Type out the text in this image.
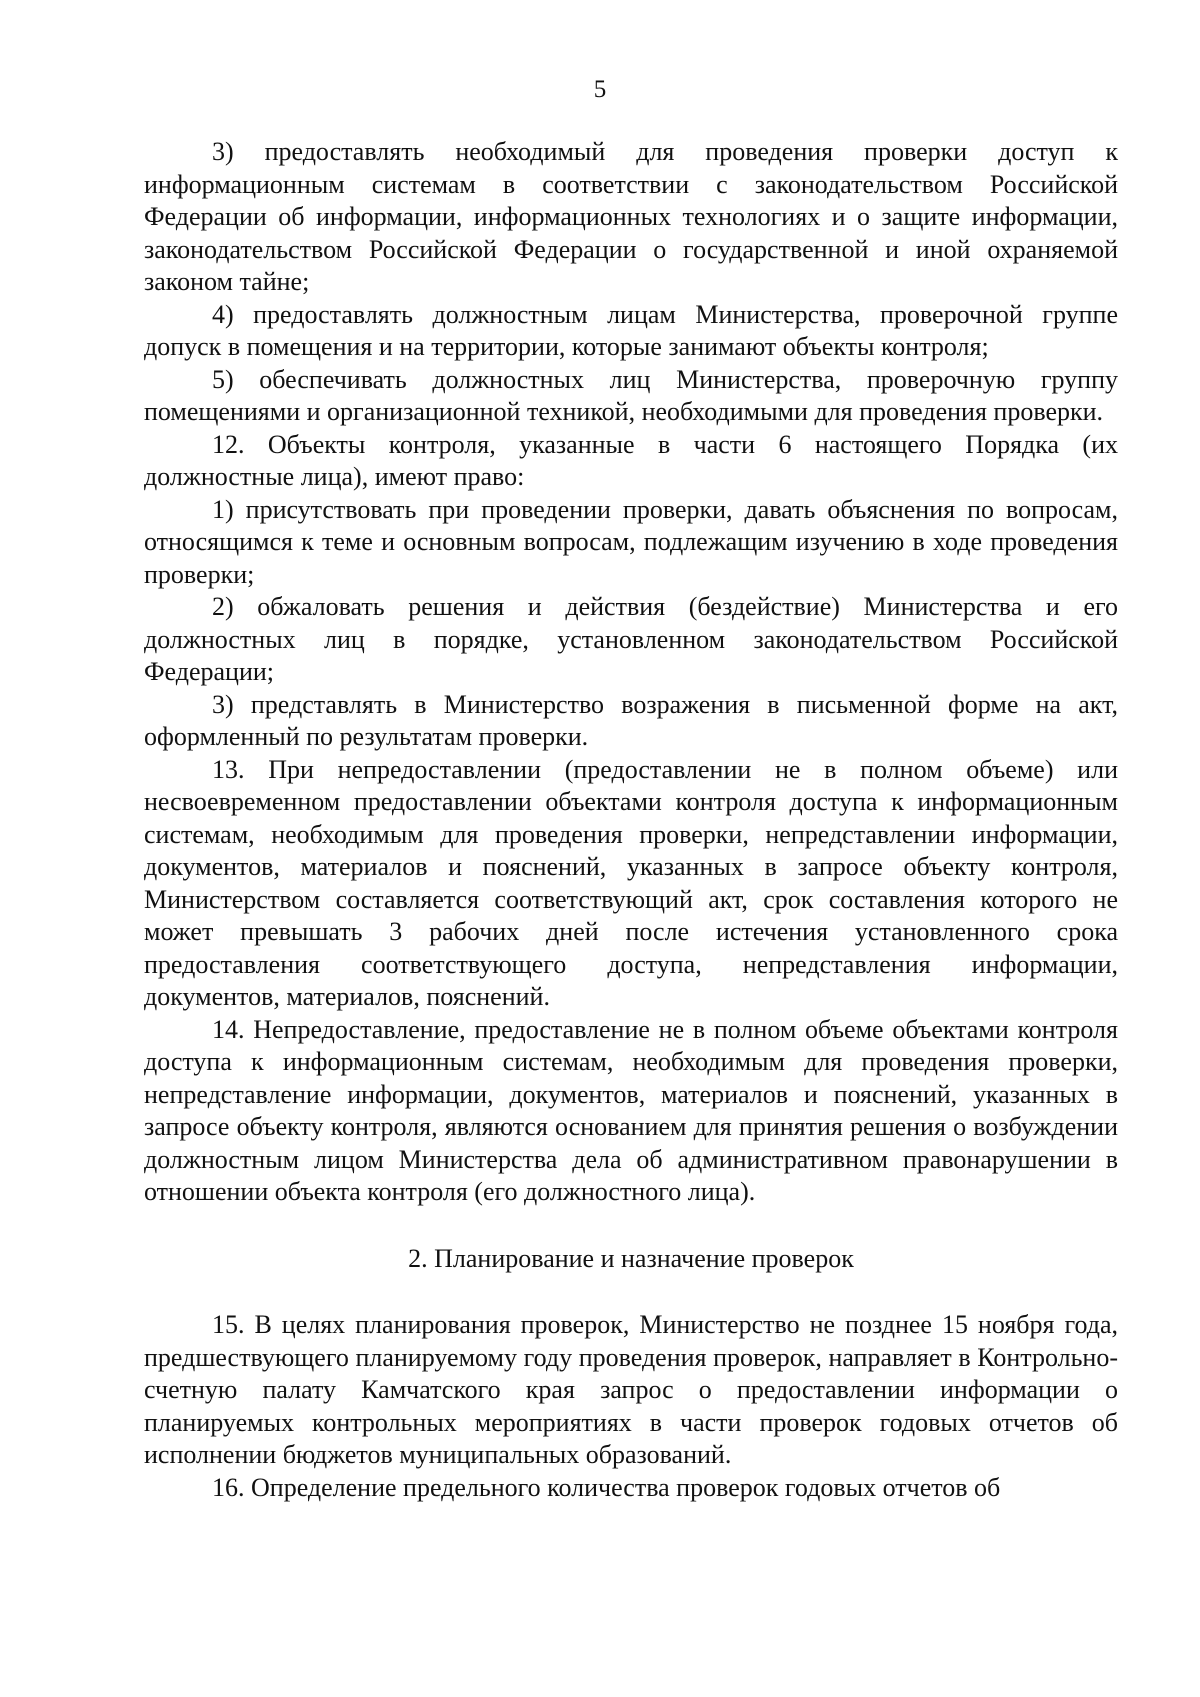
5

3) предоставлять необходимый для проведения проверки доступ к информационным системам в соответствии с законодательством Российской Федерации об информации, информационных технологиях и о защите информации, законодательством Российской Федерации о государственной и иной охраняемой законом тайне;

4) предоставлять должностным лицам Министерства, проверочной группе допуск в помещения и на территории, которые занимают объекты контроля;

5) обеспечивать должностных лиц Министерства, проверочную группу помещениями и организационной техникой, необходимыми для проведения проверки.

12. Объекты контроля, указанные в части 6 настоящего Порядка (их должностные лица), имеют право:

1) присутствовать при проведении проверки, давать объяснения по вопросам, относящимся к теме и основным вопросам, подлежащим изучению в ходе проведения проверки;

2) обжаловать решения и действия (бездействие) Министерства и его должностных лиц в порядке, установленном законодательством Российской Федерации;

3) представлять в Министерство возражения в письменной форме на акт, оформленный по результатам проверки.

13. При непредоставлении (предоставлении не в полном объеме) или несвоевременном предоставлении объектами контроля доступа к информационным системам, необходимым для проведения проверки, непредставлении информации, документов, материалов и пояснений, указанных в запросе объекту контроля, Министерством составляется соответствующий акт, срок составления которого не может превышать 3 рабочих дней после истечения установленного срока предоставления соответствующего доступа, непредставления информации, документов, материалов, пояснений.

14. Непредоставление, предоставление не в полном объеме объектами контроля доступа к информационным системам, необходимым для проведения проверки, непредставление информации, документов, материалов и пояснений, указанных в запросе объекту контроля, являются основанием для принятия решения о возбуждении должностным лицом Министерства дела об административном правонарушении в отношении объекта контроля (его должностного лица).

2. Планирование и назначение проверок

15. В целях планирования проверок, Министерство не позднее 15 ноября года, предшествующего планируемому году проведения проверок, направляет в Контрольно-счетную палату Камчатского края запрос о предоставлении информации о планируемых контрольных мероприятиях в части проверок годовых отчетов об исполнении бюджетов муниципальных образований.

16. Определение предельного количества проверок годовых отчетов об
